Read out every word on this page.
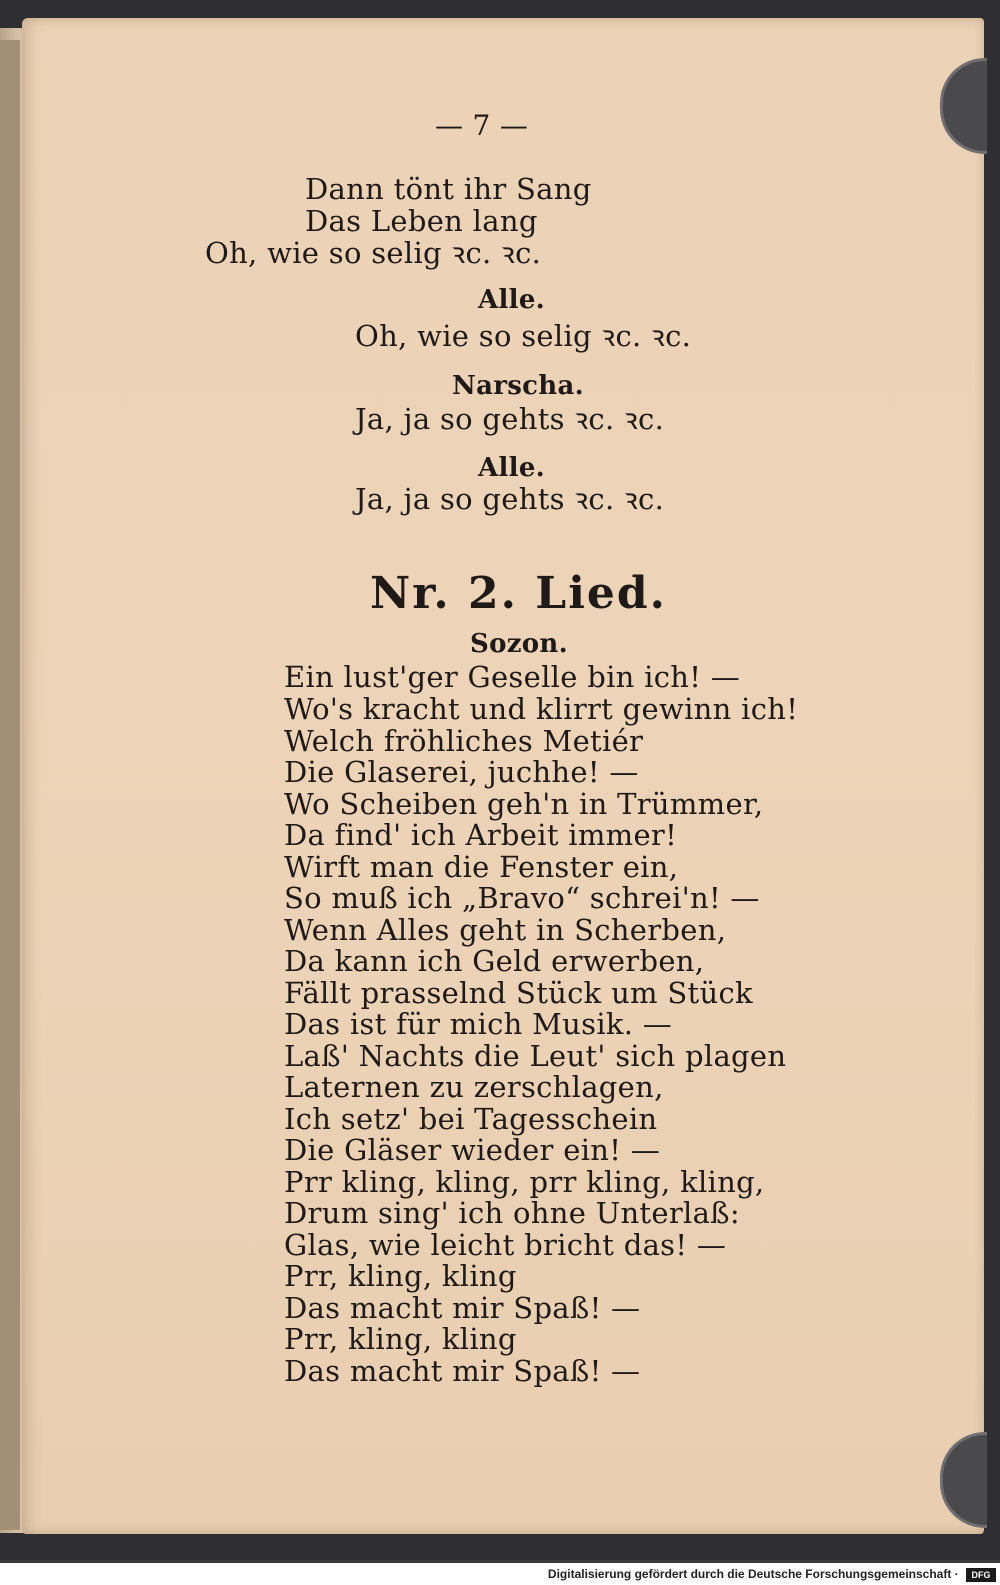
— 7 —
Dann tönt ihr Sang
Das Leben lang
Oh, wie so selig ꝛc. ꝛc.
Alle.
Oh, wie so selig ꝛc. ꝛc.
Narscha.
Ja, ja so gehts ꝛc. ꝛc.
Alle.
Ja, ja so gehts ꝛc. ꝛc.
Nr. 2. Lied.
Sozon.
Ein lust'ger Geselle bin ich! —
Wo's kracht und klirrt gewinn ich!
Welch fröhliches Metiér
Die Glaserei, juchhe! —
Wo Scheiben geh'n in Trümmer,
Da find' ich Arbeit immer!
Wirft man die Fenster ein,
So muß ich „Bravo“ schrei'n! —
Wenn Alles geht in Scherben,
Da kann ich Geld erwerben,
Fällt prasselnd Stück um Stück
Das ist für mich Musik. —
Laß' Nachts die Leut' sich plagen
Laternen zu zerschlagen,
Ich setz' bei Tagesschein
Die Gläser wieder ein! —
Prr kling, kling, prr kling, kling,
Drum sing' ich ohne Unterlaß:
Glas, wie leicht bricht das! —
Prr, kling, kling
Das macht mir Spaß! —
Prr, kling, kling
Das macht mir Spaß! —
Digitalisierung gefördert durch die Deutsche Forschungsgemeinschaft · DFG
